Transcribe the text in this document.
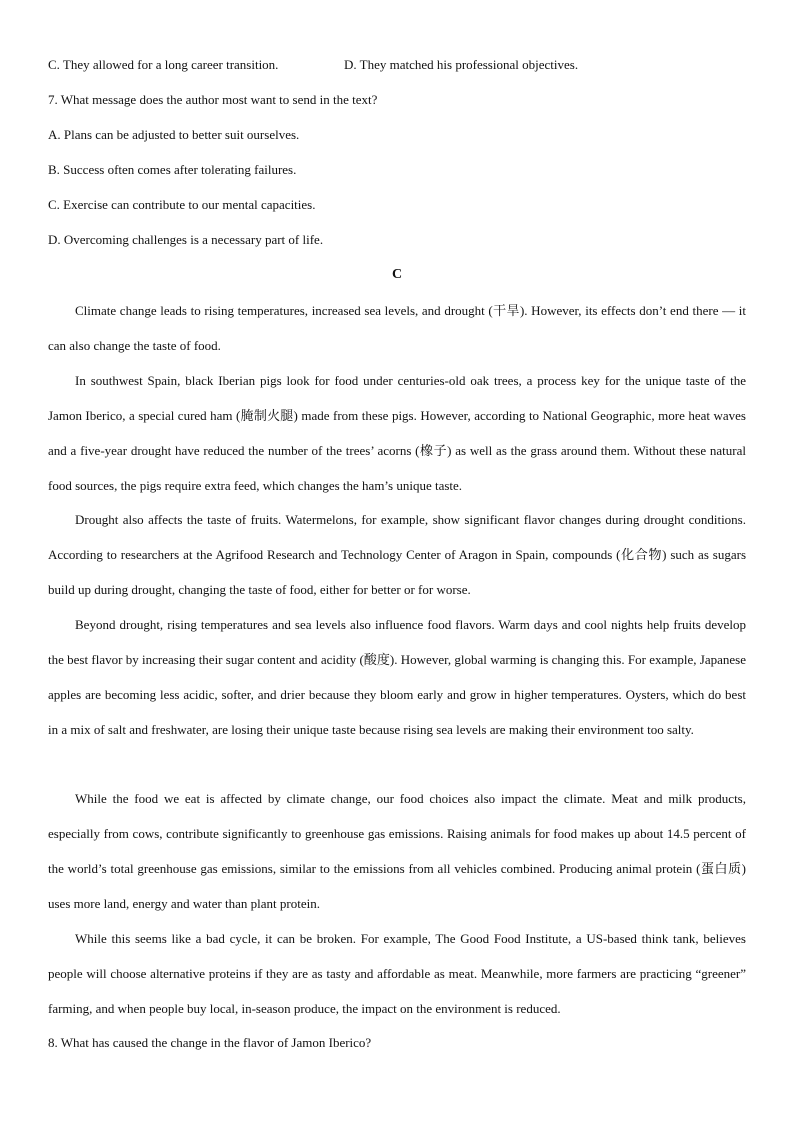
C. They allowed for a long career transition.	D. They matched his professional objectives.

7. What message does the author most want to send in the text?

A. Plans can be adjusted to better suit ourselves.

B. Success often comes after tolerating failures.

C. Exercise can contribute to our mental capacities.

D. Overcoming challenges is a necessary part of life.

C

Climate change leads to rising temperatures, increased sea levels, and drought (干旱). However, its effects don’t end there — it can also change the taste of food.

In southwest Spain, black Iberian pigs look for food under centuries-old oak trees, a process key for the unique taste of the Jamon Iberico, a special cured ham (腌制火腿) made from these pigs. However, according to National Geographic, more heat waves and a five-year drought have reduced the number of the trees’ acorns (橡子) as well as the grass around them. Without these natural food sources, the pigs require extra feed, which changes the ham’s unique taste.

Drought also affects the taste of fruits. Watermelons, for example, show significant flavor changes during drought conditions. According to researchers at the Agrifood Research and Technology Center of Aragon in Spain, compounds (化合物) such as sugars build up during drought, changing the taste of food, either for better or for worse.

Beyond drought, rising temperatures and sea levels also influence food flavors. Warm days and cool nights help fruits develop the best flavor by increasing their sugar content and acidity (酸度). However, global warming is changing this. For example, Japanese apples are becoming less acidic, softer, and drier because they bloom early and grow in higher temperatures. Oysters, which do best in a mix of salt and freshwater, are losing their unique taste because rising sea levels are making their environment too salty.

While the food we eat is affected by climate change, our food choices also impact the climate. Meat and milk products, especially from cows, contribute significantly to greenhouse gas emissions. Raising animals for food makes up about 14.5 percent of the world’s total greenhouse gas emissions, similar to the emissions from all vehicles combined. Producing animal protein (蛋白质) uses more land, energy and water than plant protein.

While this seems like a bad cycle, it can be broken. For example, The Good Food Institute, a US-based think tank, believes people will choose alternative proteins if they are as tasty and affordable as meat. Meanwhile, more farmers are practicing “greener” farming, and when people buy local, in-season produce, the impact on the environment is reduced.

8. What has caused the change in the flavor of Jamon Iberico?
